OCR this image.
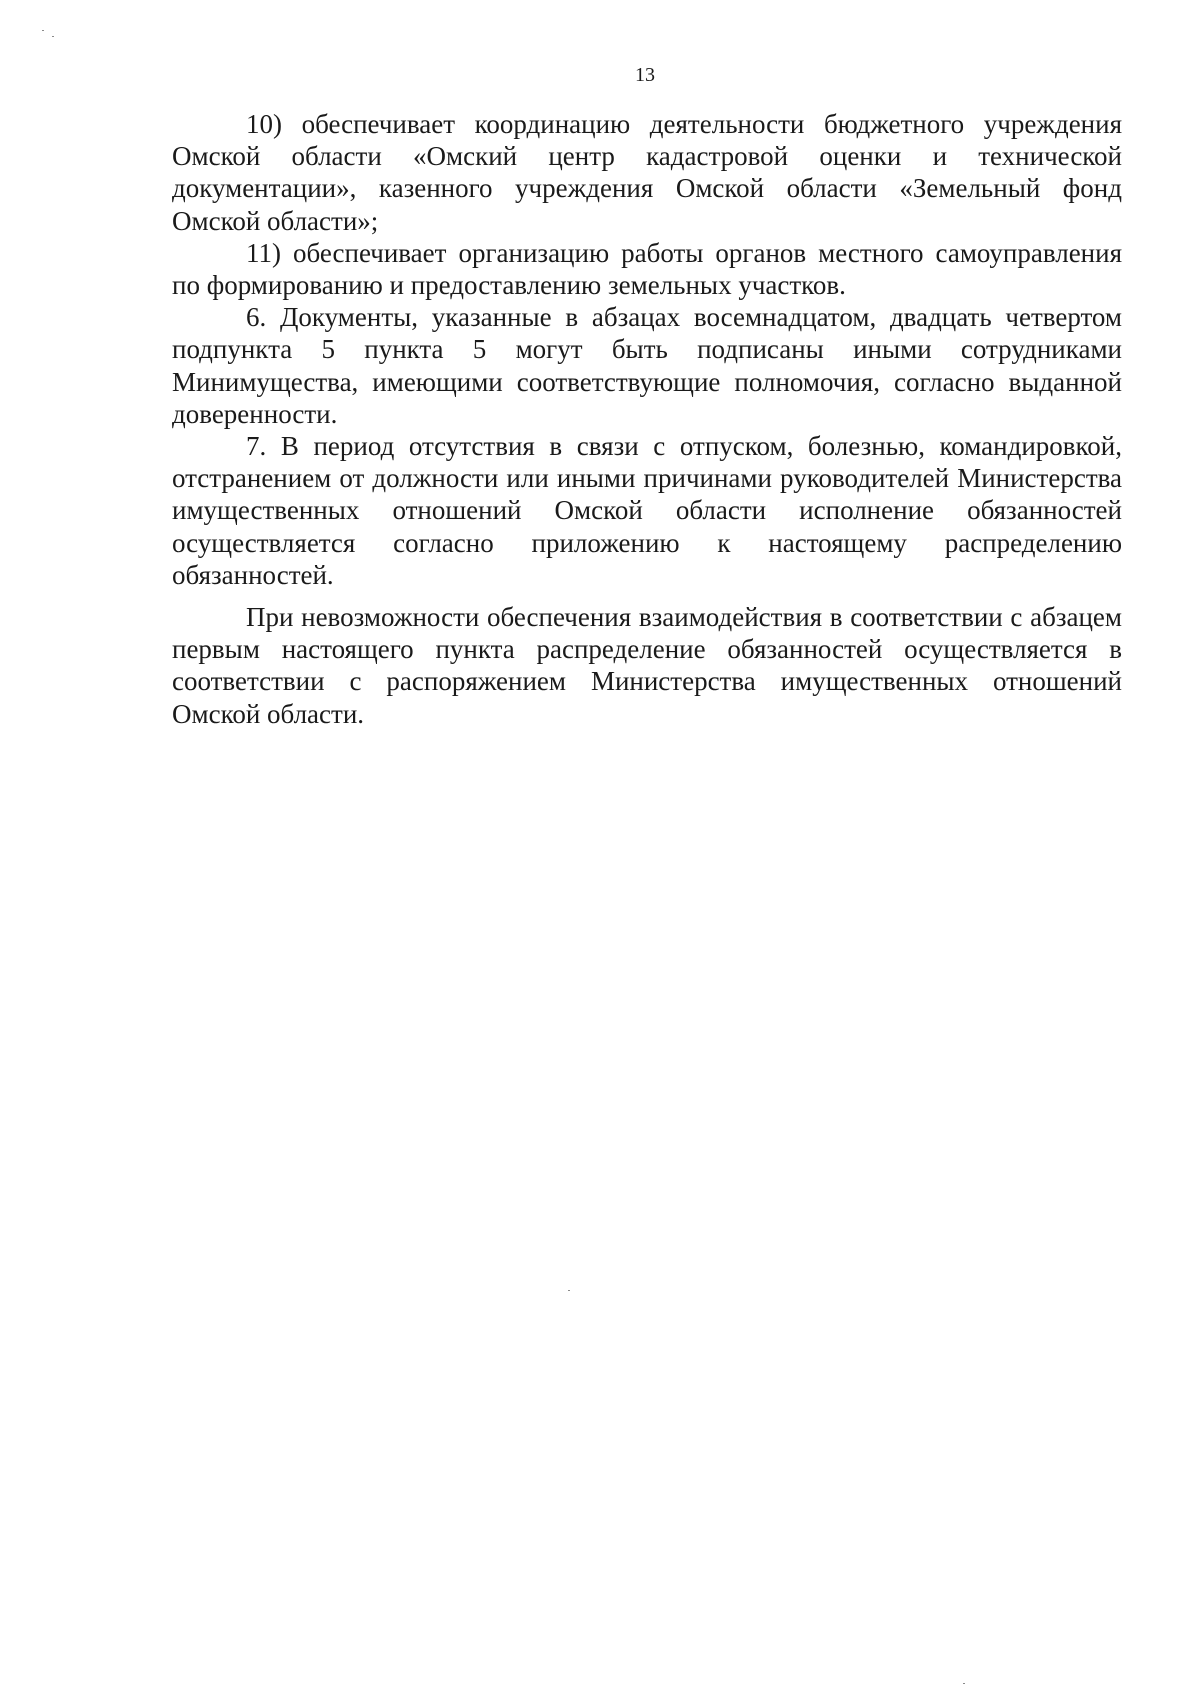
13

10) обеспечивает координацию деятельности бюджетного учреждения Омской области «Омский центр кадастровой оценки и технической документации», казенного учреждения Омской области «Земельный фонд Омской области»;

11) обеспечивает организацию работы органов местного самоуправления по формированию и предоставлению земельных участков.

6. Документы, указанные в абзацах восемнадцатом, двадцать четвертом подпункта 5 пункта 5 могут быть подписаны иными сотрудниками Минимущества, имеющими соответствующие полномочия, согласно выданной доверенности.

7. В период отсутствия в связи с отпуском, болезнью, командировкой, отстранением от должности или иными причинами руководителей Министерства имущественных отношений Омской области исполнение обязанностей осуществляется согласно приложению к настоящему распределению обязанностей.

При невозможности обеспечения взаимодействия в соответствии с абзацем первым настоящего пункта распределение обязанностей осуществляется в соответствии с распоряжением Министерства имущественных отношений Омской области.
